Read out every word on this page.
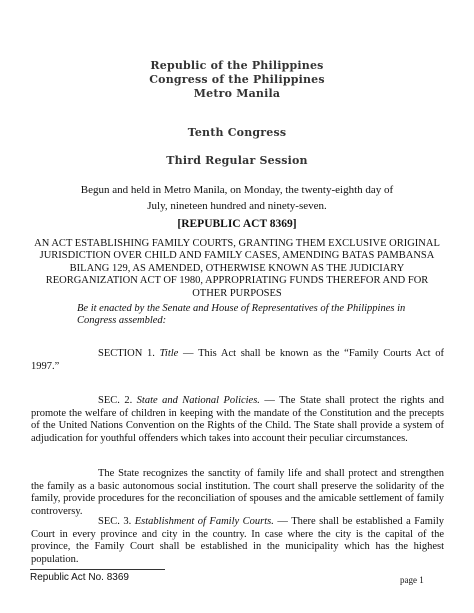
Republic of the Philippines
Congress of the Philippines
Metro Manila
Tenth Congress
Third Regular Session
Begun and held in Metro Manila, on Monday, the twenty-eighth day of July, nineteen hundred and ninety-seven.
[REPUBLIC ACT 8369]
AN ACT ESTABLISHING FAMILY COURTS, GRANTING THEM EXCLUSIVE ORIGINAL JURISDICTION OVER CHILD AND FAMILY CASES, AMENDING BATAS PAMBANSA BILANG 129, AS AMENDED, OTHERWISE KNOWN AS THE JUDICIARY REORGANIZATION ACT OF 1980, APPROPRIATING FUNDS THEREFOR AND FOR OTHER PURPOSES
Be it enacted by the Senate and House of Representatives of the Philippines in Congress assembled:
SECTION 1. Title — This Act shall be known as the “Family Courts Act of 1997.”
SEC. 2. State and National Policies. — The State shall protect the rights and promote the welfare of children in keeping with the mandate of the Constitution and the precepts of the United Nations Convention on the Rights of the Child. The State shall provide a system of adjudication for youthful offenders which takes into account their peculiar circumstances.
The State recognizes the sanctity of family life and shall protect and strengthen the family as a basic autonomous social institution. The court shall preserve the solidarity of the family, provide procedures for the reconciliation of spouses and the amicable settlement of family controversy.
SEC. 3. Establishment of Family Courts. — There shall be established a Family Court in every province and city in the country. In case where the city is the capital of the province, the Family Court shall be established in the municipality which has the highest population.
Republic Act No. 8369	page 1
